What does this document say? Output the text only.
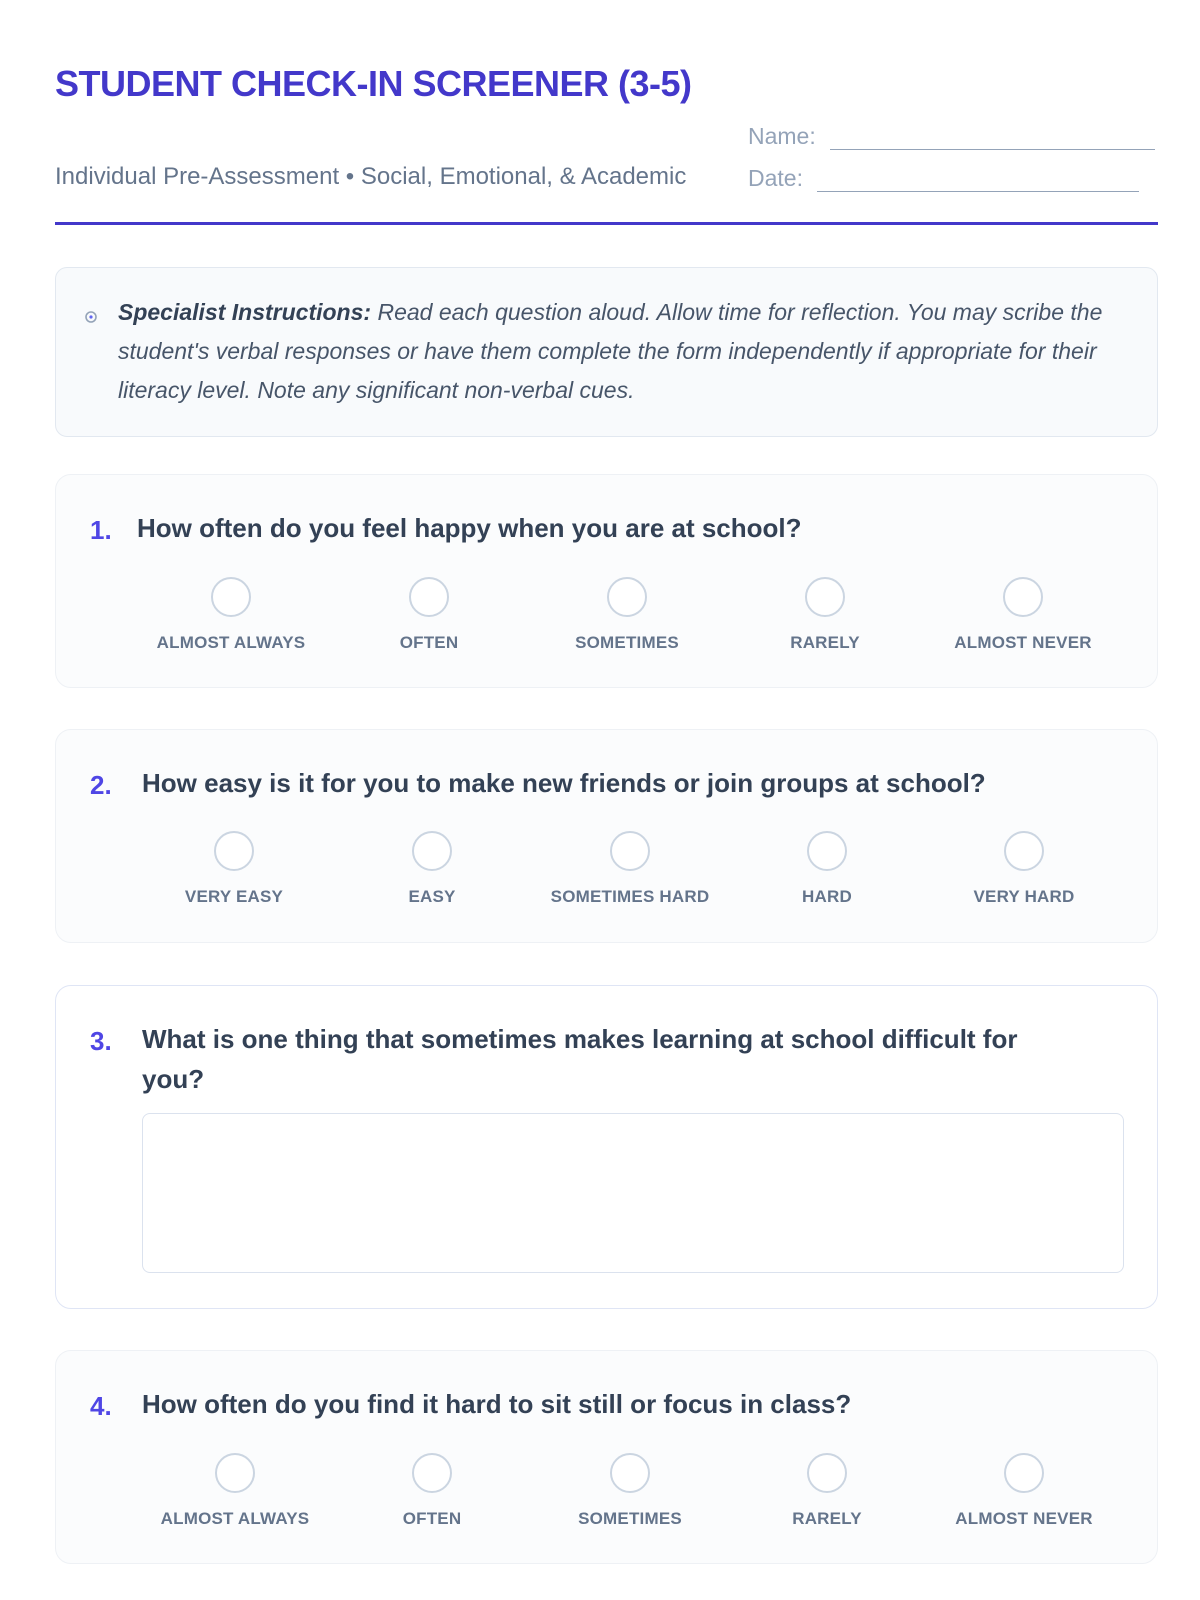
STUDENT CHECK-IN SCREENER (3-5)
Individual Pre-Assessment • Social, Emotional, & Academic
Name:
Date:
Specialist Instructions: Read each question aloud. Allow time for reflection. You may scribe the student's verbal responses or have them complete the form independently if appropriate for their literacy level. Note any significant non-verbal cues.
1. How often do you feel happy when you are at school?
ALMOST ALWAYS	OFTEN	SOMETIMES	RARELY	ALMOST NEVER
2. How easy is it for you to make new friends or join groups at school?
VERY EASY	EASY	SOMETIMES HARD	HARD	VERY HARD
3. What is one thing that sometimes makes learning at school difficult for you?
4. How often do you find it hard to sit still or focus in class?
ALMOST ALWAYS	OFTEN	SOMETIMES	RARELY	ALMOST NEVER
